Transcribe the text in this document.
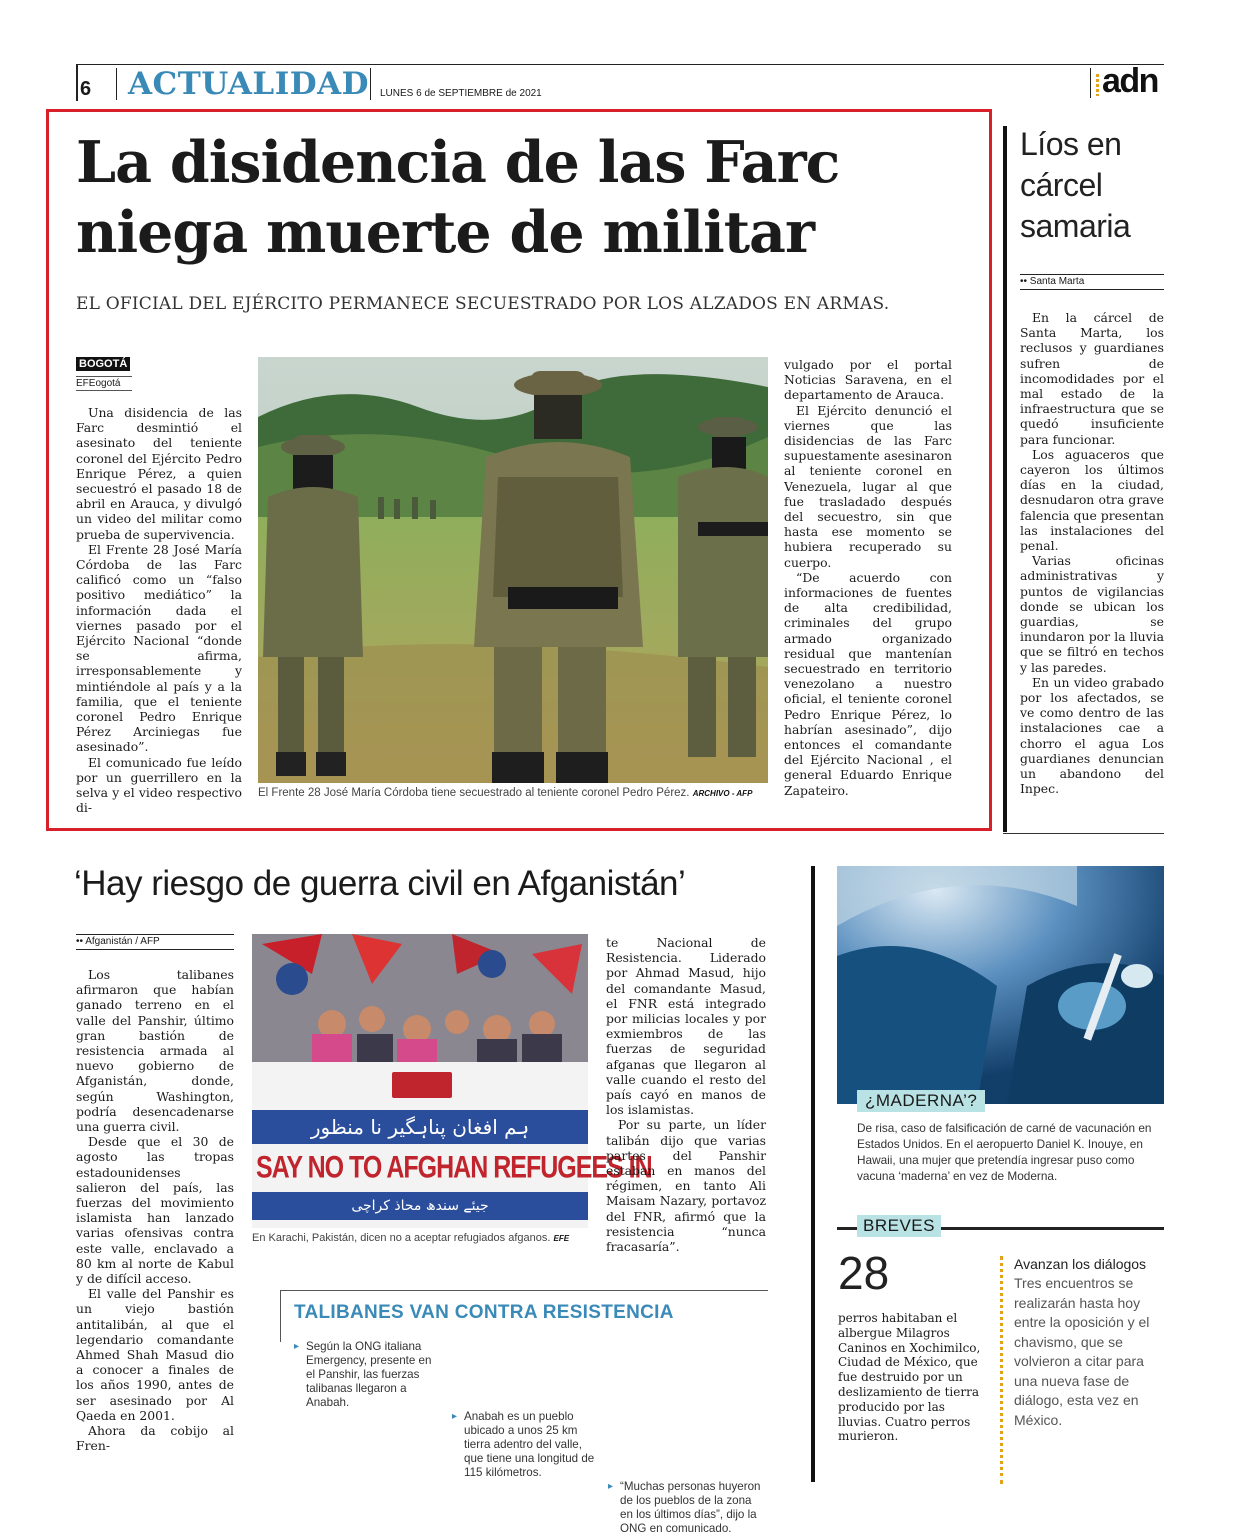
6 ACTUALIDAD LUNES 6 de SEPTIEMBRE de 2021	adn
La disidencia de las Farc
niega muerte de militar
EL OFICIAL DEL EJÉRCITO PERMANECE SECUESTRADO POR LOS ALZADOS EN ARMAS.
BOGOTÁ
EFEogotá

Una disidencia de las Farc desmintió el asesinato del teniente coronel del Ejército Pedro Enrique Pérez, a quien secuestró el pasado 18 de abril en Arauca, y divulgó un video del militar como prueba de supervivencia.

El Frente 28 José María Córdoba de las Farc calificó como un “falso positivo mediático” la información dada el viernes pasado por el Ejército Nacional “donde se afirma, irresponsablemente y mintiéndole al país y a la familia, que el teniente coronel Pedro Enrique Pérez Arciniegas fue asesinado”.

El comunicado fue leído por un guerrillero en la selva y el video respectivo di-

El Frente 28 José María Córdoba tiene secuestrado al teniente coronel Pedro Pérez. ARCHIVO - AFP

vulgado por el portal Noticias Saravena, en el departamento de Arauca.

El Ejército denunció el viernes que las disidencias de las Farc supuestamente asesinaron al teniente coronel en Venezuela, lugar al que fue trasladado después del secuestro, sin que hasta ese momento se hubiera recuperado su cuerpo.

“De acuerdo con informaciones de fuentes de alta credibilidad, criminales del grupo armado organizado residual que mantenían secuestrado en territorio venezolano a nuestro oficial, el teniente coronel Pedro Enrique Pérez, lo habrían asesinado”, dijo entonces el comandante del Ejército Nacional , el general Eduardo Enrique Zapateiro.

Líos en
cárcel
samaria
•• Santa Marta

En la cárcel de Santa Marta, los reclusos y guardianes sufren de incomodidades por el mal estado de la infraestructura que se quedó insuficiente para funcionar.

Los aguaceros que cayeron los últimos días en la ciudad, desnudaron otra grave falencia que presentan las instalaciones del penal.

Varias oficinas administrativas y puntos de vigilancias donde se ubican los guardias, se inundaron por la lluvia que se filtró en techos y las paredes.

En un video grabado por los afectados, se ve como dentro de las instalaciones cae a chorro el agua Los guardianes denuncian un abandono del Inpec.

‘Hay riesgo de guerra civil en Afganistán’
•• Afganistán / AFP

Los talibanes afirmaron que habían ganado terreno en el valle del Panshir, último gran bastión de resistencia armada al nuevo gobierno de Afganistán, donde, según Washington, podría desencadenarse una guerra civil.

Desde que el 30 de agosto las tropas estadounidenses salieron del país, las fuerzas del movimiento islamista han lanzado varias ofensivas contra este valle, enclavado a 80 km al norte de Kabul y de difícil acceso.

El valle del Panshir es un viejo bastión antitalibán, al que el legendario comandante Ahmed Shah Masud dio a conocer a finales de los años 1990, antes de ser asesinado por Al Qaeda en 2001.

Ahora da cobijo al Fren-

ہم افغان پناہگیر نا منظور
SAY NO TO AFGHAN REFUGEES IN
جیئے سندھ محاذ کراچی
En Karachi, Pakistán, dicen no a aceptar refugiados afganos. EFE

te Nacional de Resistencia. Liderado por Ahmad Masud, hijo del comandante Masud, el FNR está integrado por milicias locales y por exmiembros de las fuerzas de seguridad afganas que llegaron al valle cuando el resto del país cayó en manos de los islamistas.

Por su parte, un líder talibán dijo que varias partes del Panshir estaban en manos del régimen, en tanto Ali Maisam Nazary, portavoz del FNR, afirmó que la resistencia “nunca fracasaría”.

TALIBANES VAN CONTRA RESISTENCIA
▸ Según la ONG italiana Emergency, presente en el Panshir, las fuerzas talibanas llegaron a Anabah.
▸ Anabah es un pueblo ubicado a unos 25 km tierra adentro del valle, que tiene una longitud de 115 kilómetros.
▸ “Muchas personas huyeron de los pueblos de la zona en los últimos días”, dijo la ONG en comunicado.
¿MADERNA’?
De risa, caso de falsificación de carné de vacunación en Estados Unidos. En el aeropuerto Daniel K. Inouye, en Hawaii, una mujer que pretendía ingresar puso como vacuna ‘maderna’ en vez de Moderna.
BREVES
28
perros habitaban el albergue Milagros Caninos en Xochimilco, Ciudad de México, que fue destruido por un deslizamiento de tierra producido por las lluvias. Cuatro perros murieron.
Avanzan los diálogos
Tres encuentros se realizarán hasta hoy entre la oposición y el chavismo, que se volvieron a citar para una nueva fase de diálogo, esta vez en México.
